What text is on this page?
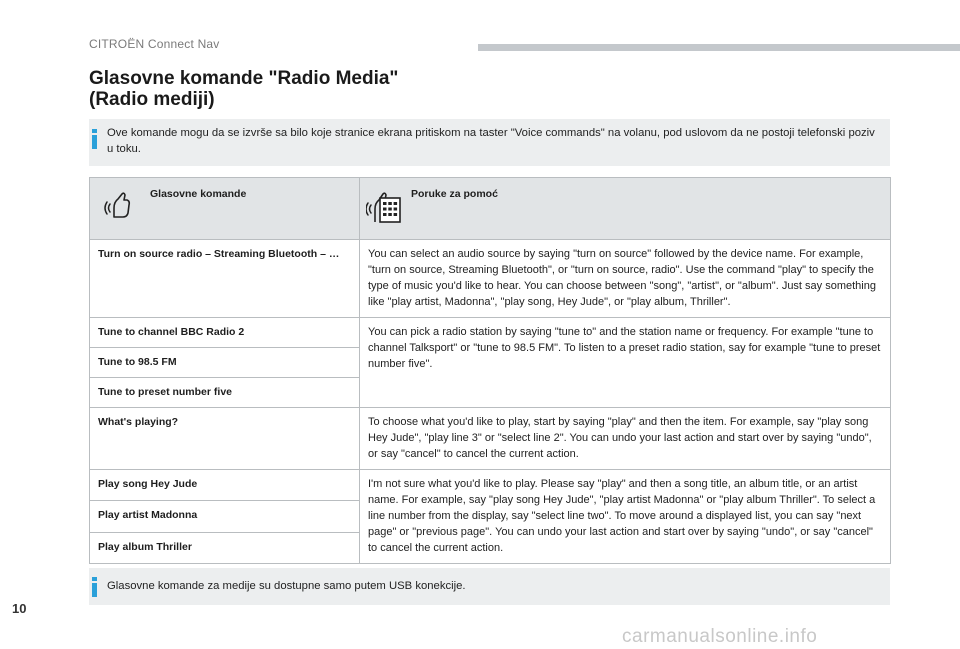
CITROËN Connect Nav
Glasovne komande "Radio Media" (Radio mediji)
Ove komande mogu da se izvrše sa bilo koje stranice ekrana pritiskom na taster "Voice commands" na volanu, pod uslovom da ne postoji telefonski poziv u toku.
Glasovne komande	Poruke za pomoć

Turn on source radio – Streaming Bluetooth – …	You can select an audio source by saying "turn on source" followed by the device name. For example, "turn on source, Streaming Bluetooth", or "turn on source, radio". Use the command "play" to specify the type of music you'd like to hear. You can choose between "song", "artist", or "album". Just say something like "play artist, Madonna", "play song, Hey Jude", or "play album, Thriller".
Tune to channel BBC Radio 2	You can pick a radio station by saying "tune to" and the station name or frequency. For example "tune to channel Talksport" or "tune to 98.5 FM". To listen to a preset radio station, say for example "tune to preset number five".
Tune to 98.5 FM	
Tune to preset number five	
What's playing?	To choose what you'd like to play, start by saying "play" and then the item. For example, say "play song Hey Jude", "play line 3" or "select line 2". You can undo your last action and start over by saying "undo", or say "cancel" to cancel the current action.
Play song Hey Jude	I'm not sure what you'd like to play. Please say "play" and then a song title, an album title, or an artist name. For example, say "play song Hey Jude", "play artist Madonna" or "play album Thriller". To select a line number from the display, say "select line two". To move around a displayed list, you can say "next page" or "previous page". You can undo your last action and start over by saying "undo", or say "cancel" to cancel the current action.
Play artist Madonna	
Play album Thriller	
Glasovne komande za medije su dostupne samo putem USB konekcije.
10
carmanualsonline.info
